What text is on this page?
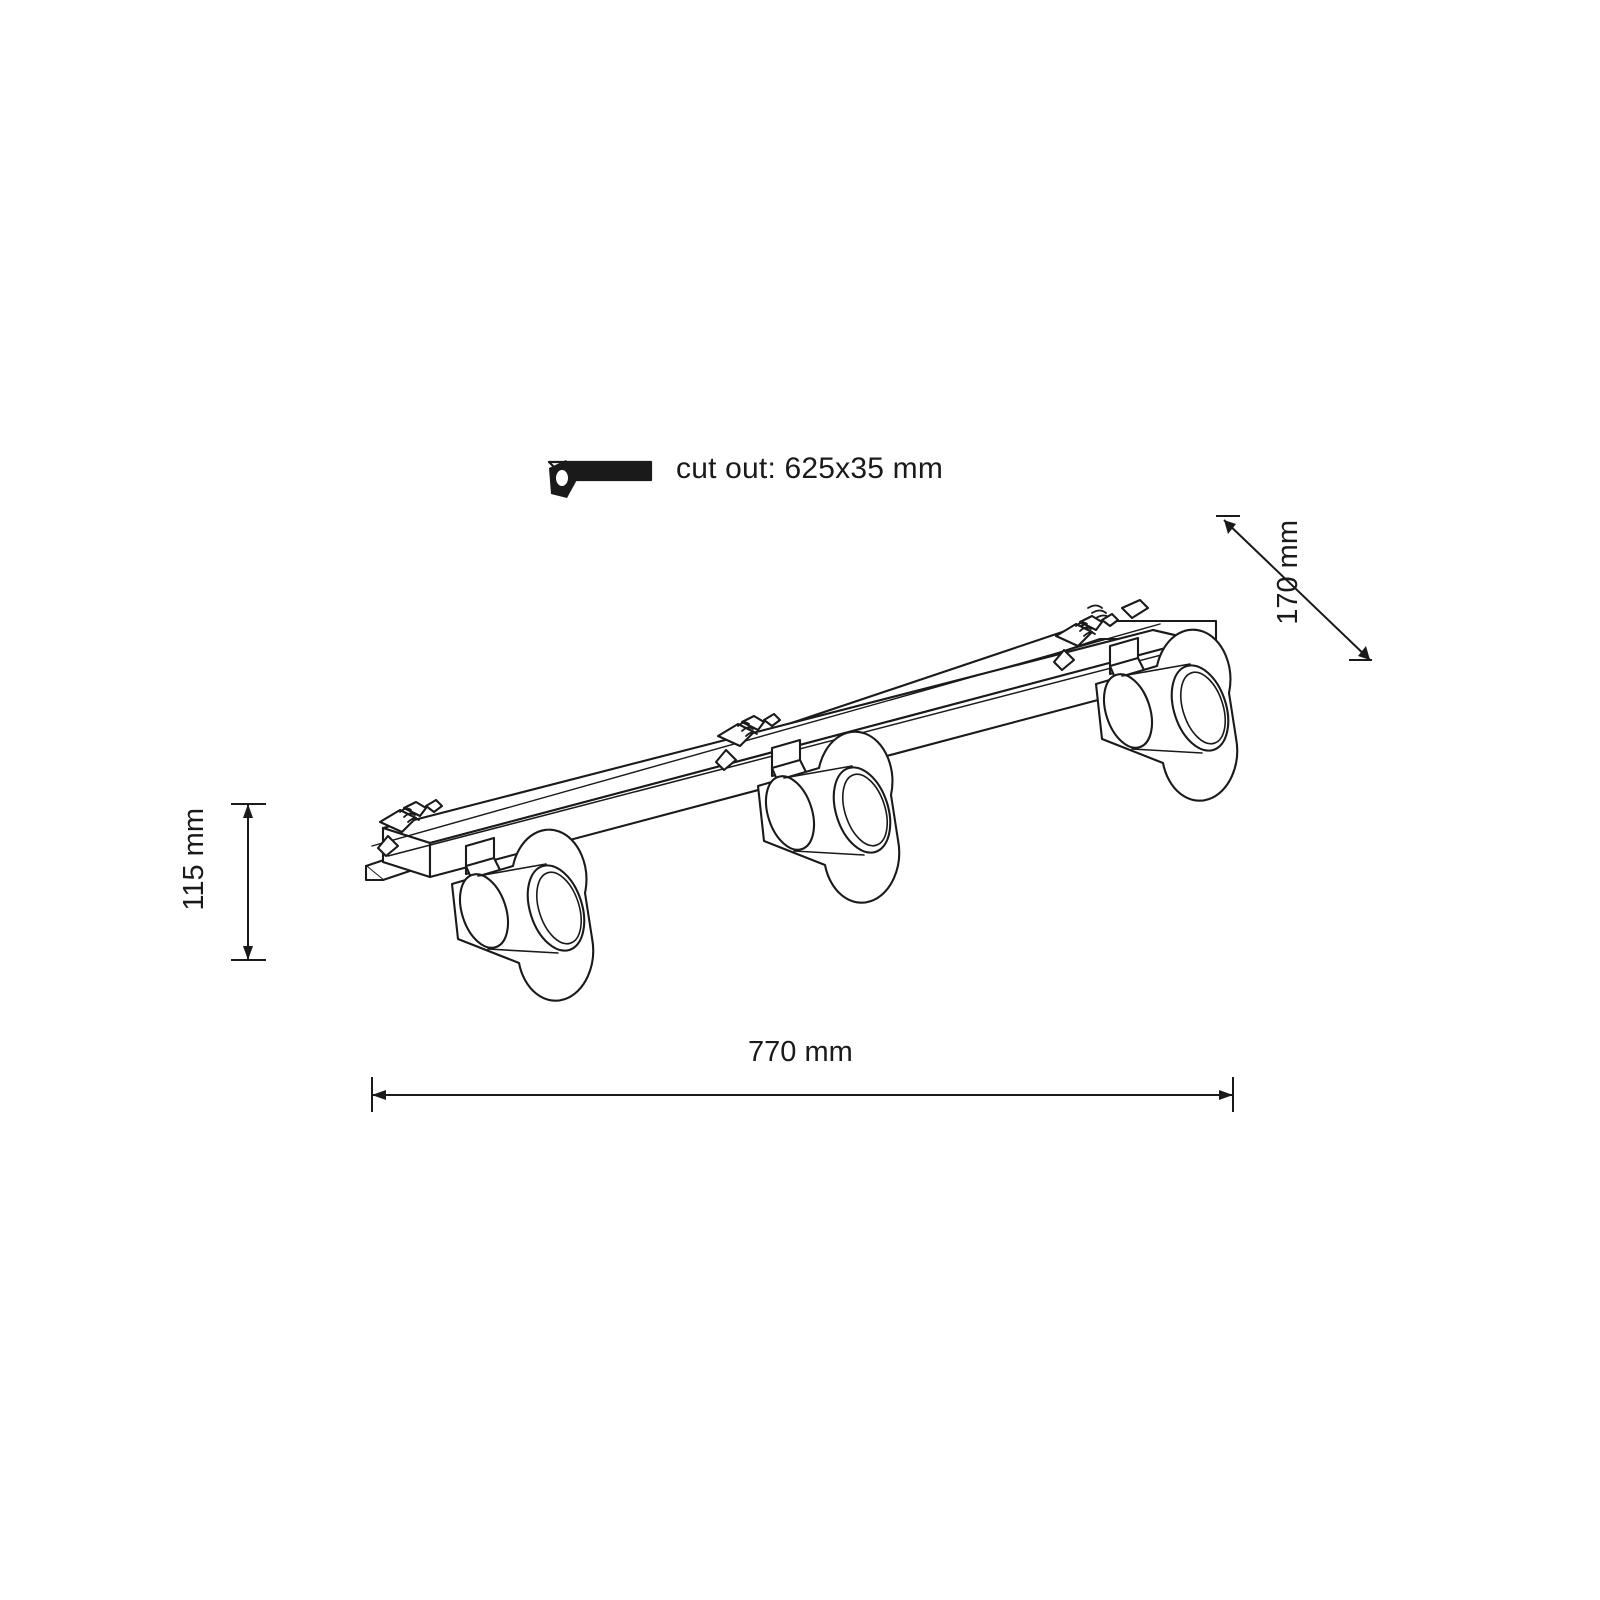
cut out: 625x35 mm
770 mm
115 mm
170 mm
